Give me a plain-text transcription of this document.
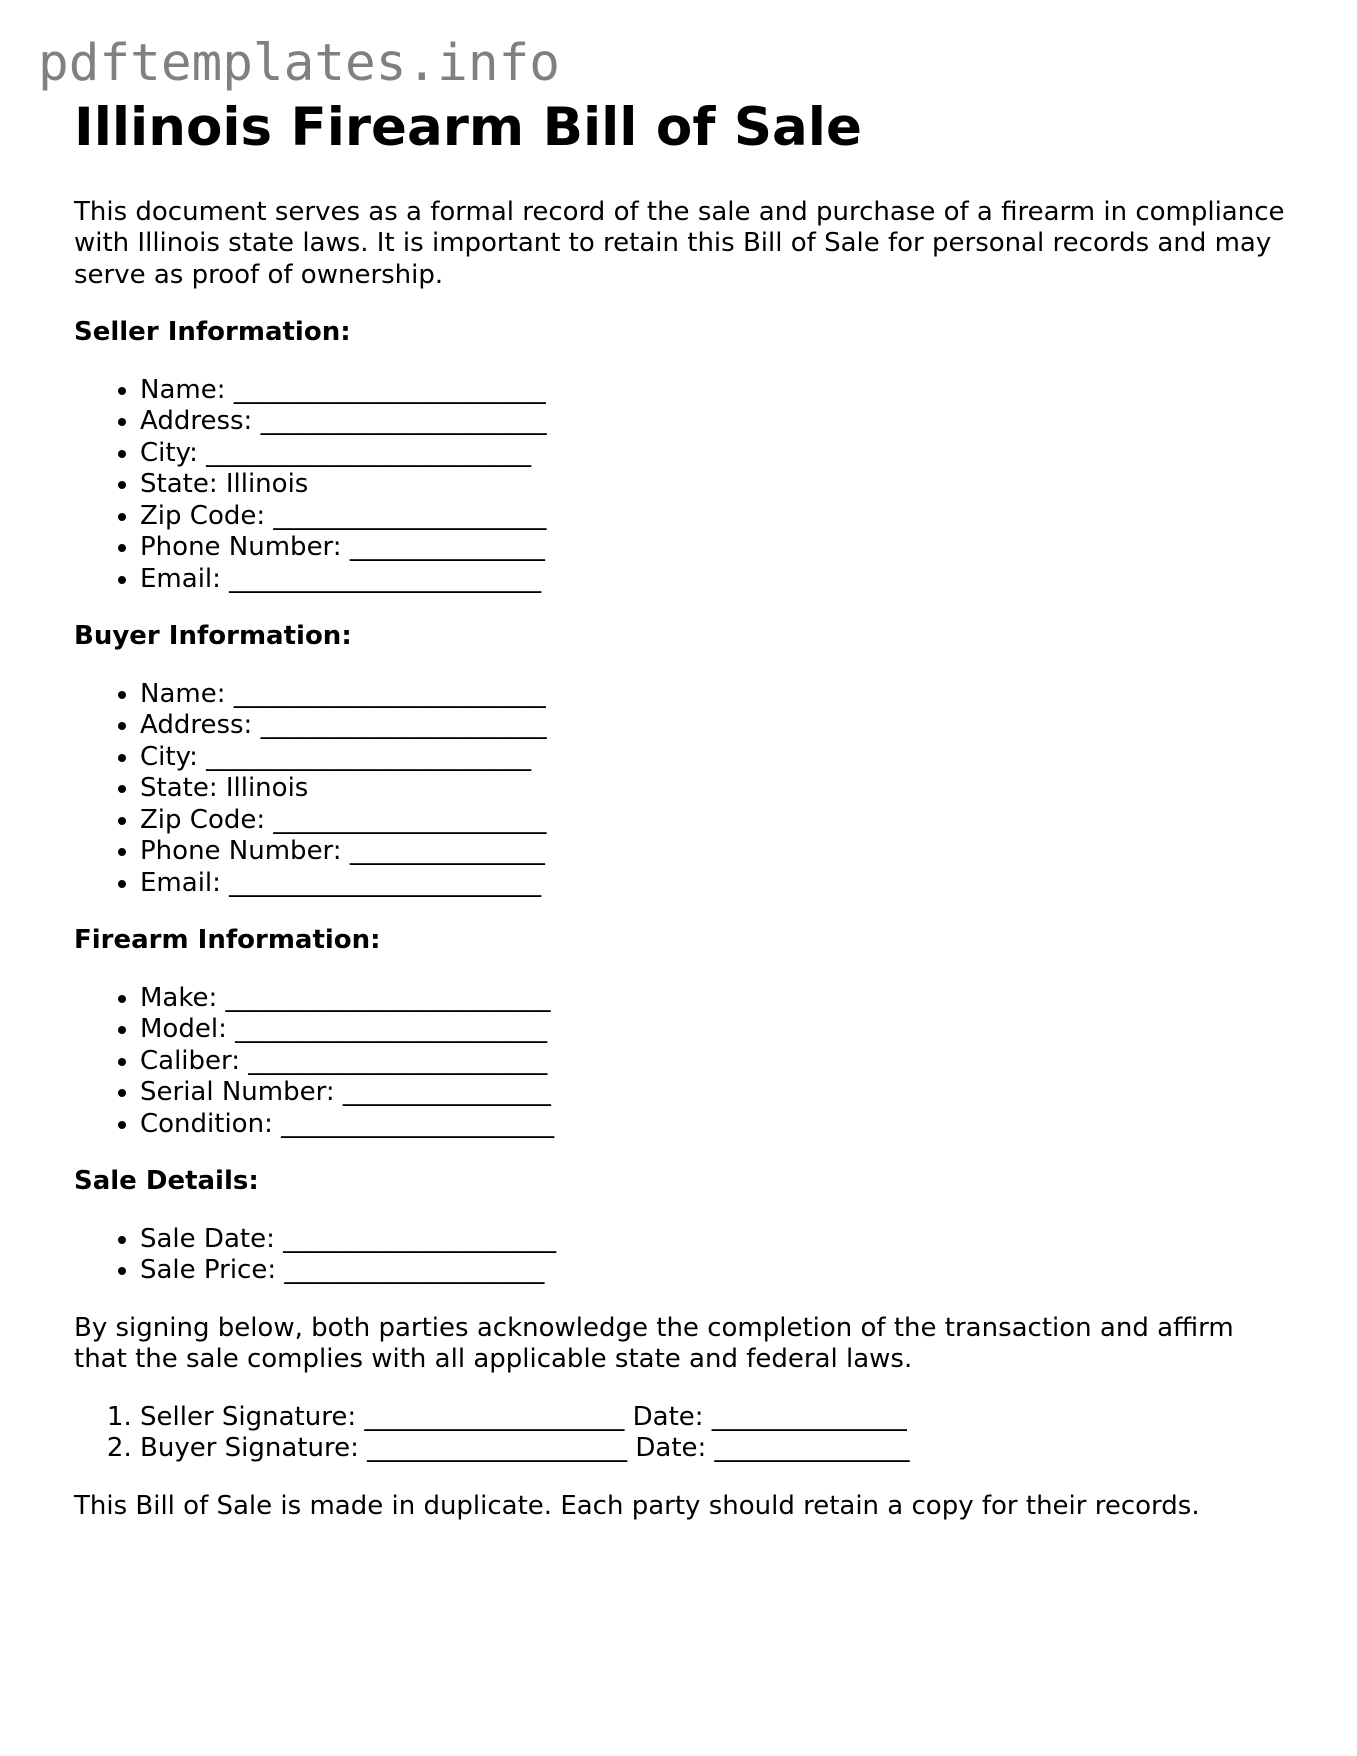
pdftemplates.info
Illinois Firearm Bill of Sale

This document serves as a formal record of the sale and purchase of a firearm in compliance with Illinois state laws. It is important to retain this Bill of Sale for personal records and may serve as proof of ownership.

Seller Information:
• Name: ________________________
• Address: ______________________
• City: _________________________
• State: Illinois
• Zip Code: _____________________
• Phone Number: _______________
• Email: ________________________
Buyer Information:
• Name: ________________________
• Address: ______________________
• City: _________________________
• State: Illinois
• Zip Code: _____________________
• Phone Number: _______________
• Email: ________________________
Firearm Information:
• Make: _________________________
• Model: ________________________
• Caliber: _______________________
• Serial Number: ________________
• Condition: _____________________
Sale Details:
• Sale Date: _____________________
• Sale Price: ____________________

By signing below, both parties acknowledge the completion of the transaction and affirm that the sale complies with all applicable state and federal laws.

1. Seller Signature: ____________________ Date: _______________
2. Buyer Signature: ____________________ Date: _______________

This Bill of Sale is made in duplicate. Each party should retain a copy for their records.
